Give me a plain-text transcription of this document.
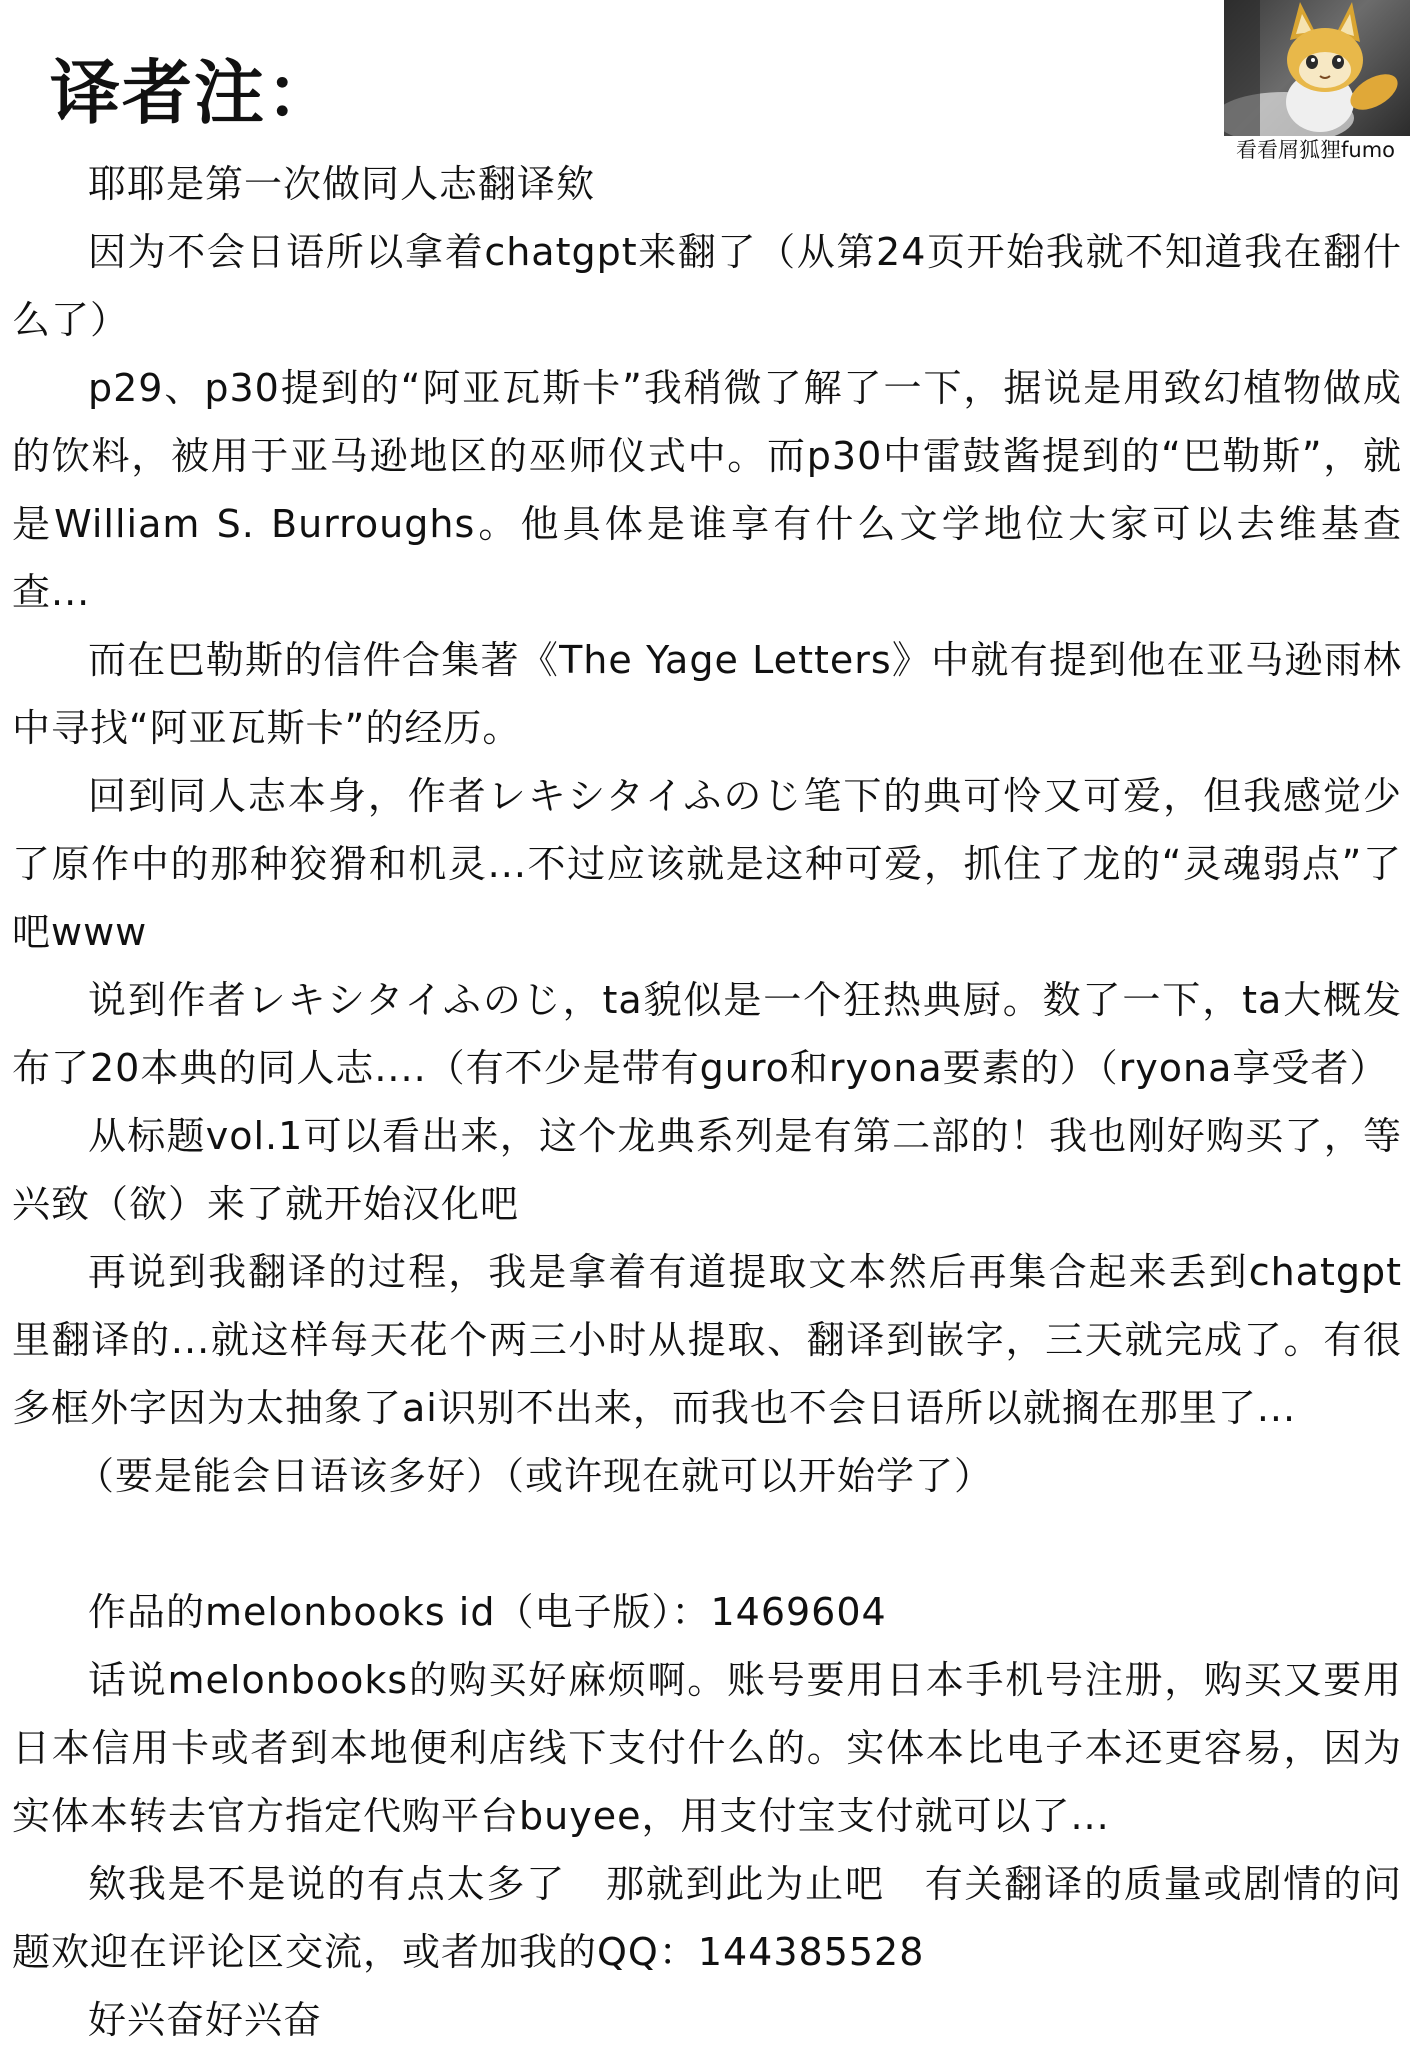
译者注：
看看屑狐狸fumo

耶耶是第一次做同人志翻译欸

因为不会日语所以拿着chatgpt来翻了（从第24页开始我就不知道我在翻什么了）

p29、p30提到的“阿亚瓦斯卡”我稍微了解了一下，据说是用致幻植物做成的饮料，被用于亚马逊地区的巫师仪式中。而p30中雷鼓酱提到的“巴勒斯”，就是William S. Burroughs。他具体是谁享有什么文学地位大家可以去维基查查...

而在巴勒斯的信件合集著《The Yage Letters》中就有提到他在亚马逊雨林中寻找“阿亚瓦斯卡”的经历。

回到同人志本身，作者レキシタイふのじ笔下的典可怜又可爱，但我感觉少了原作中的那种狡猾和机灵...不过应该就是这种可爱，抓住了龙的“灵魂弱点”了吧www

说到作者レキシタイふのじ，ta貌似是一个狂热典厨。数了一下，ta大概发布了20本典的同人志....（有不少是带有guro和ryona要素的）（ryona享受者）

从标题vol.1可以看出来，这个龙典系列是有第二部的！我也刚好购买了，等兴致（欲）来了就开始汉化吧

再说到我翻译的过程，我是拿着有道提取文本然后再集合起来丢到chatgpt里翻译的...就这样每天花个两三小时从提取、翻译到嵌字，三天就完成了。有很多框外字因为太抽象了ai识别不出来，而我也不会日语所以就搁在那里了...

（要是能会日语该多好）（或许现在就可以开始学了）

作品的melonbooks id（电子版）：1469604

话说melonbooks的购买好麻烦啊。账号要用日本手机号注册，购买又要用日本信用卡或者到本地便利店线下支付什么的。实体本比电子本还更容易，因为实体本转去官方指定代购平台buyee，用支付宝支付就可以了...

欸我是不是说的有点太多了　那就到此为止吧　有关翻译的质量或剧情的问题欢迎在评论区交流，或者加我的QQ：144385528

好兴奋好兴奋
